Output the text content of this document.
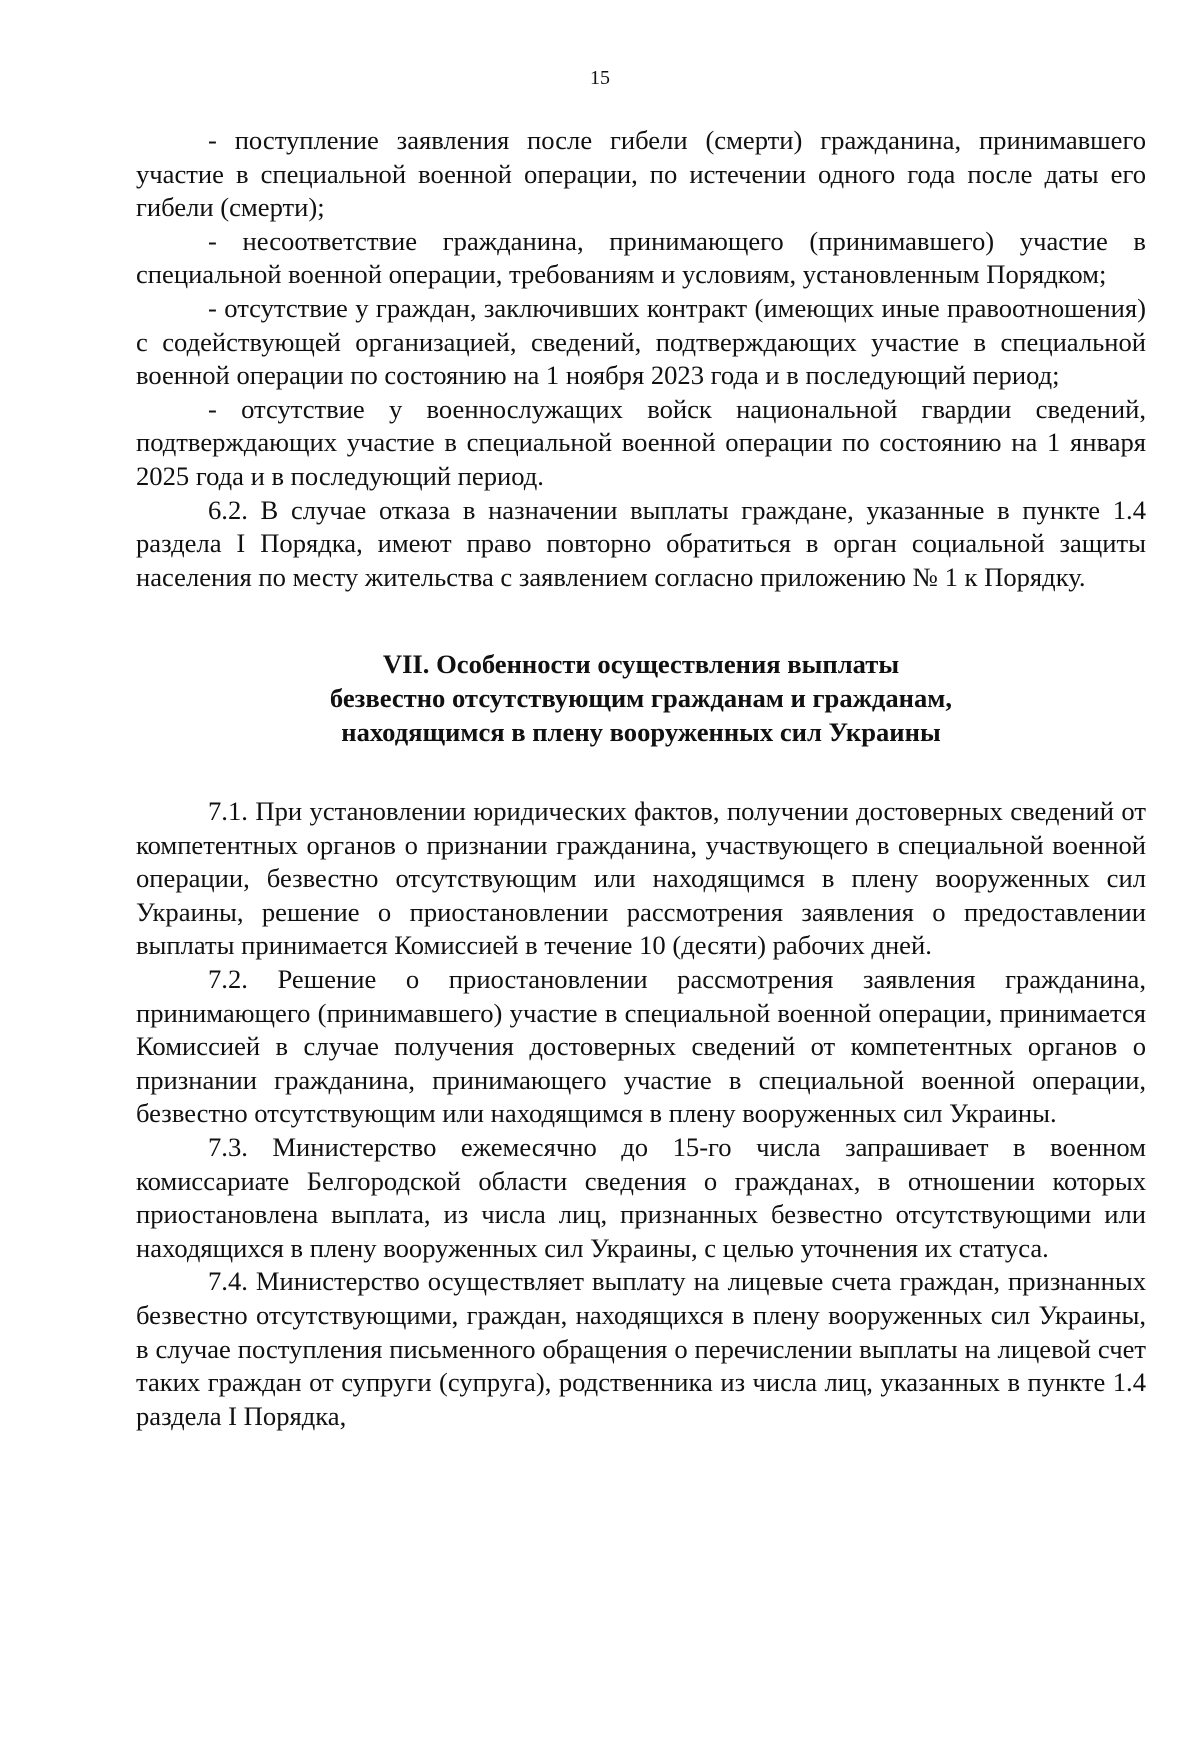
15

- поступление заявления после гибели (смерти) гражданина, принимавшего участие в специальной военной операции, по истечении одного года после даты его гибели (смерти);

- несоответствие гражданина, принимающего (принимавшего) участие в специальной военной операции, требованиям и условиям, установленным Порядком;

- отсутствие у граждан, заключивших контракт (имеющих иные правоотношения) с содействующей организацией, сведений, подтверждающих участие в специальной военной операции по состоянию на 1 ноября 2023 года и в последующий период;

- отсутствие у военнослужащих войск национальной гвардии сведений, подтверждающих участие в специальной военной операции по состоянию на 1 января 2025 года и в последующий период.

6.2. В случае отказа в назначении выплаты граждане, указанные в пункте 1.4 раздела I Порядка, имеют право повторно обратиться в орган социальной защиты населения по месту жительства с заявлением согласно приложению № 1 к Порядку.

VII. Особенности осуществления выплаты
безвестно отсутствующим гражданам и гражданам,
находящимся в плену вооруженных сил Украины

7.1. При установлении юридических фактов, получении достоверных сведений от компетентных органов о признании гражданина, участвующего в специальной военной операции, безвестно отсутствующим или находящимся в плену вооруженных сил Украины, решение о приостановлении рассмотрения заявления о предоставлении выплаты принимается Комиссией в течение 10 (десяти) рабочих дней.

7.2. Решение о приостановлении рассмотрения заявления гражданина, принимающего (принимавшего) участие в специальной военной операции, принимается Комиссией в случае получения достоверных сведений от компетентных органов о признании гражданина, принимающего участие в специальной военной операции, безвестно отсутствующим или находящимся в плену вооруженных сил Украины.

7.3. Министерство ежемесячно до 15-го числа запрашивает в военном комиссариате Белгородской области сведения о гражданах, в отношении которых приостановлена выплата, из числа лиц, признанных безвестно отсутствующими или находящихся в плену вооруженных сил Украины, с целью уточнения их статуса.

7.4. Министерство осуществляет выплату на лицевые счета граждан, признанных безвестно отсутствующими, граждан, находящихся в плену вооруженных сил Украины, в случае поступления письменного обращения о перечислении выплаты на лицевой счет таких граждан от супруги (супруга), родственника из числа лиц, указанных в пункте 1.4 раздела I Порядка,
